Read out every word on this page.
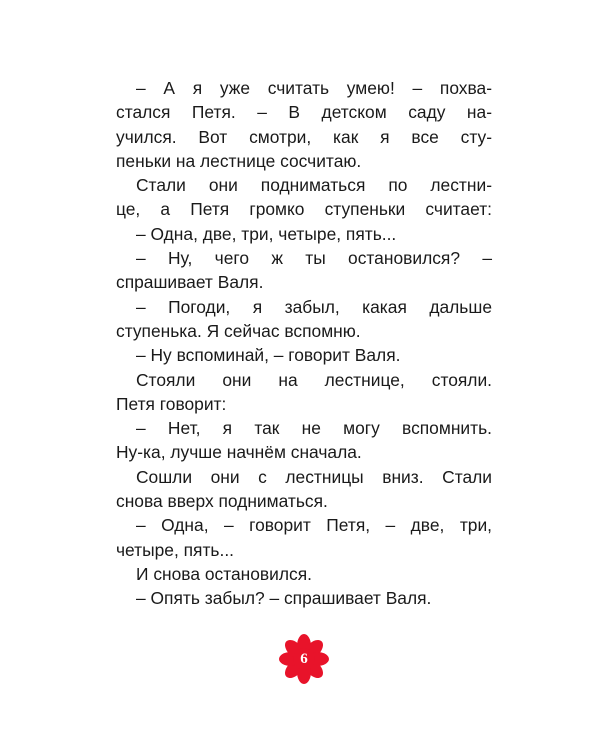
– А я уже считать умею! – похва-
стался Петя. – В детском саду на-
учился. Вот смотри, как я все сту-
пеньки на лестнице сосчитаю.
Стали они подниматься по лестни-
це, а Петя громко ступеньки считает:
– Одна, две, три, четыре, пять...
– Ну, чего ж ты остановился? –
спрашивает Валя.
– Погоди, я забыл, какая дальше
ступенька. Я сейчас вспомню.
– Ну вспоминай, – говорит Валя.
Стояли они на лестнице, стояли.
Петя говорит:
– Нет, я так не могу вспомнить.
Ну-ка, лучше начнём сначала.
Сошли они с лестницы вниз. Стали
снова вверх подниматься.
– Одна, – говорит Петя, – две, три,
четыре, пять...
И снова остановился.
– Опять забыл? – спрашивает Валя.
6
